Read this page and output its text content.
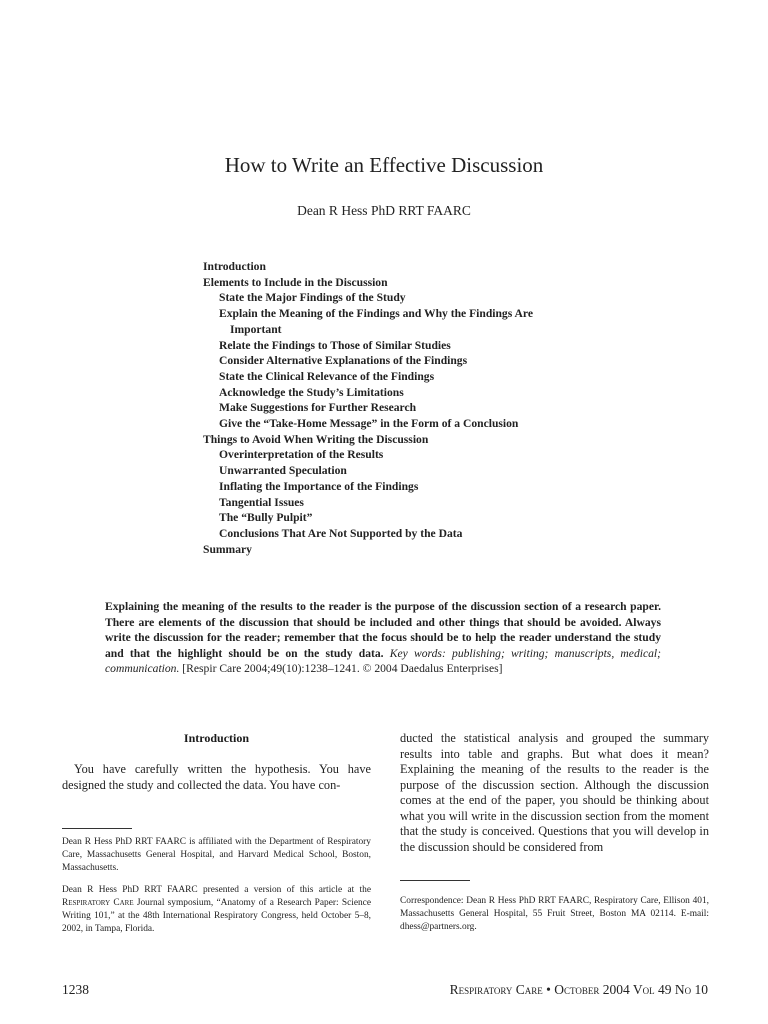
How to Write an Effective Discussion
Dean R Hess PhD RRT FAARC
Introduction
Elements to Include in the Discussion
State the Major Findings of the Study
Explain the Meaning of the Findings and Why the Findings Are
Important
Relate the Findings to Those of Similar Studies
Consider Alternative Explanations of the Findings
State the Clinical Relevance of the Findings
Acknowledge the Study’s Limitations
Make Suggestions for Further Research
Give the “Take-Home Message” in the Form of a Conclusion
Things to Avoid When Writing the Discussion
Overinterpretation of the Results
Unwarranted Speculation
Inflating the Importance of the Findings
Tangential Issues
The “Bully Pulpit”
Conclusions That Are Not Supported by the Data
Summary
Explaining the meaning of the results to the reader is the purpose of the discussion section of a research paper. There are elements of the discussion that should be included and other things that should be avoided. Always write the discussion for the reader; remember that the focus should be to help the reader understand the study and that the highlight should be on the study data. Key words: publishing; writing; manuscripts, medical; communication. [Respir Care 2004;49(10):1238–1241. © 2004 Daedalus Enterprises]
Introduction
You have carefully written the hypothesis. You have designed the study and collected the data. You have con-
ducted the statistical analysis and grouped the summary results into table and graphs. But what does it mean? Explaining the meaning of the results to the reader is the purpose of the discussion section. Although the discussion comes at the end of the paper, you should be thinking about what you will write in the discussion section from the moment that the study is conceived. Questions that you will develop in the discussion should be considered from
Dean R Hess PhD RRT FAARC is affiliated with the Department of Respiratory Care, Massachusetts General Hospital, and Harvard Medical School, Boston, Massachusetts.
Dean R Hess PhD RRT FAARC presented a version of this article at the Respiratory Care Journal symposium, “Anatomy of a Research Paper: Science Writing 101,” at the 48th International Respiratory Congress, held October 5–8, 2002, in Tampa, Florida.
Correspondence: Dean R Hess PhD RRT FAARC, Respiratory Care, Ellison 401, Massachusetts General Hospital, 55 Fruit Street, Boston MA 02114. E-mail: dhess@partners.org.
1238	Respiratory Care • October 2004 Vol 49 No 10
